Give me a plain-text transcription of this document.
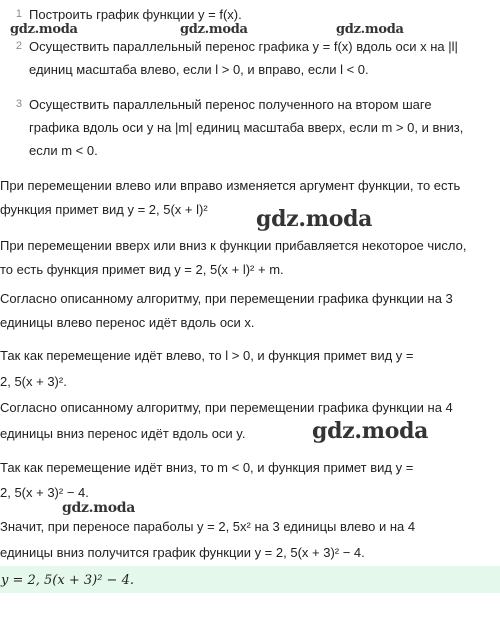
1 Построить график функции y = f(x).
2 Осуществить параллельный перенос графика y = f(x) вдоль оси x на |l|
единиц масштаба влево, если l > 0, и вправо, если l < 0.
3 Осуществить параллельный перенос полученного на втором шаге
графика вдоль оси y на |m| единиц масштаба вверх, если m > 0, и вниз,
если m < 0.
При перемещении влево или вправо изменяется аргумент функции, то есть
функция примет вид y = 2, 5(x + l)²
При перемещении вверх или вниз к функции прибавляется некоторое число,
то есть функция примет вид y = 2, 5(x + l)² + m.
Согласно описанному алгоритму, при перемещении графика функции на 3
единицы влево перенос идёт вдоль оси x.
Так как перемещение идёт влево, то l > 0, и функция примет вид y =
2, 5(x + 3)².
Согласно описанному алгоритму, при перемещении графика функции на 4
единицы вниз перенос идёт вдоль оси y.
Так как перемещение идёт вниз, то m < 0, и функция примет вид y =
2, 5(x + 3)² − 4.
Значит, при переносе параболы y = 2, 5x² на 3 единицы влево и на 4
единицы вниз получится график функции y = 2, 5(x + 3)² − 4.
y = 2, 5(x + 3)² − 4.
gdz.moda	gdz.moda	gdz.moda
gdz.moda
gdz.moda
gdz.moda
